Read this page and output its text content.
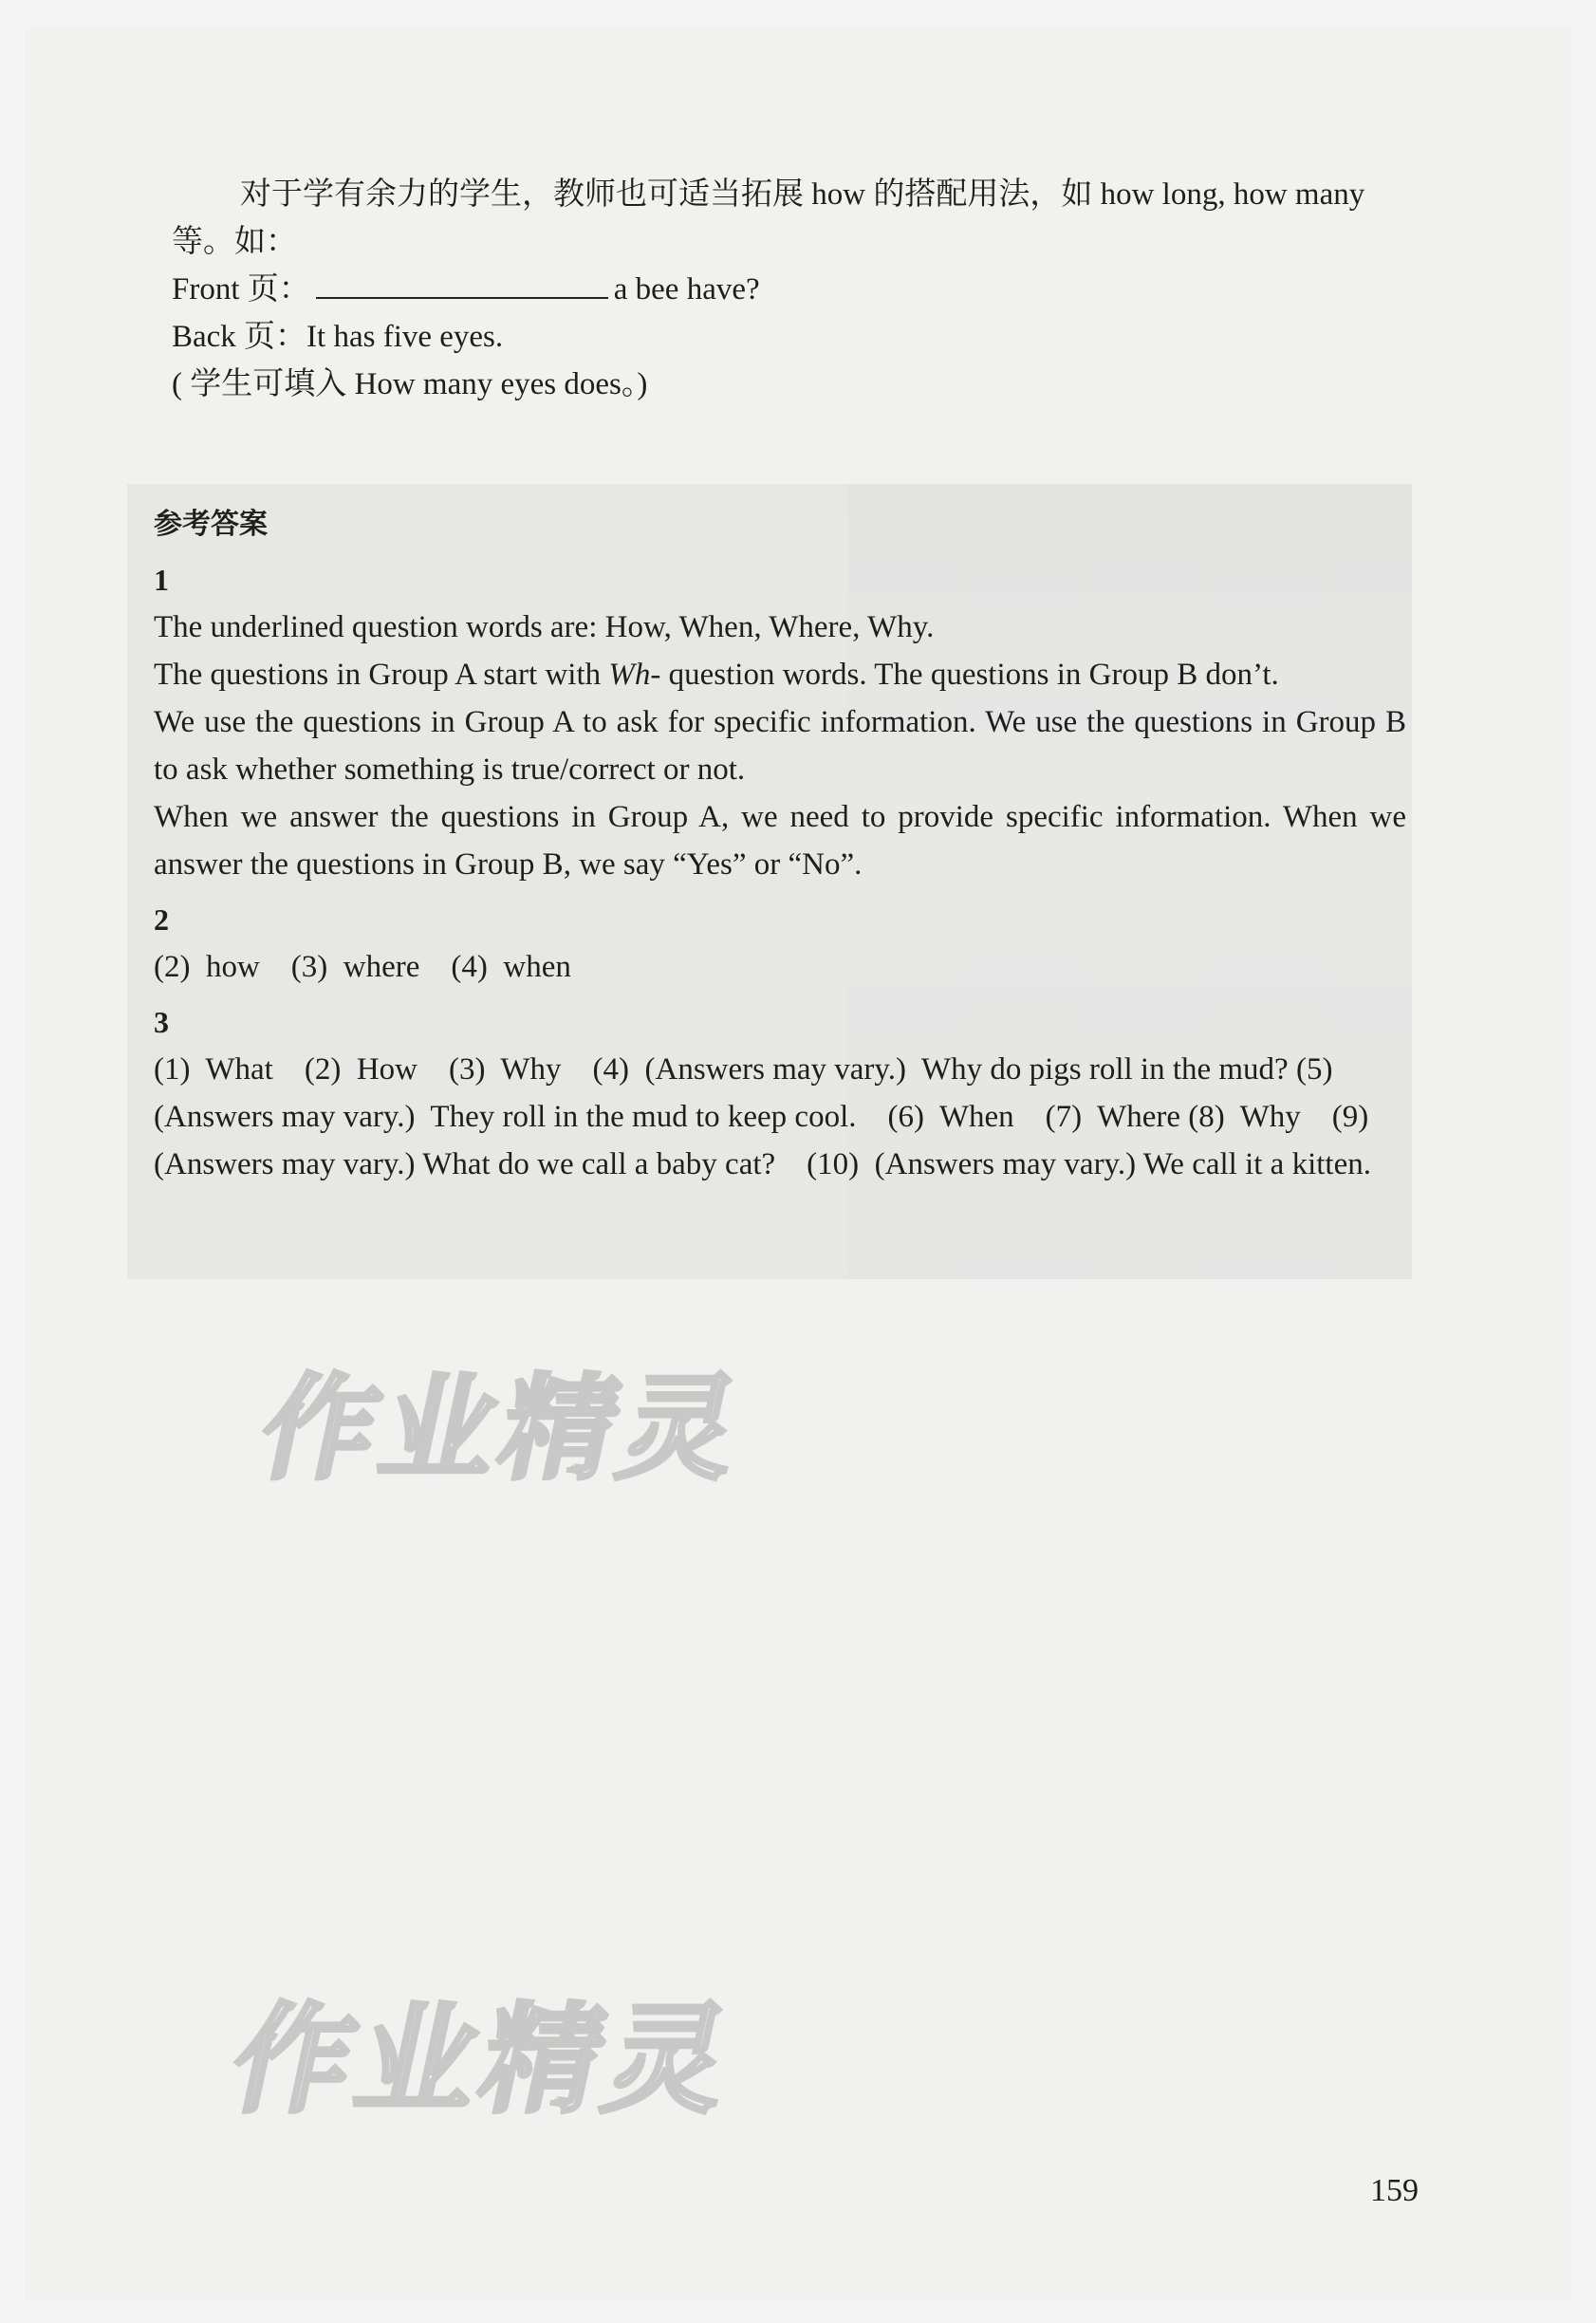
对于学有余力的学生，教师也可适当拓展 how 的搭配用法，如 how long, how many

等。如：

Front 页：	a bee have?

Back 页：It has five eyes.

( 学生可填入 How many eyes does。)

参考答案
1

The underlined question words are: How, When, Where, Why.

The questions in Group A start with Wh- question words. The questions in Group B don’t.

We use the questions in Group A to ask for specific information. We use the questions in Group B to ask whether something is true/correct or not.

When we answer the questions in Group A, we need to provide specific information. When we answer the questions in Group B, we say “Yes” or “No”.

2

(2)  how    (3)  where    (4)  when

3

(1)  What    (2)  How    (3)  Why    (4)  (Answers may vary.)  Why do pigs roll in the mud? (5)  (Answers may vary.)  They roll in the mud to keep cool.    (6)  When    (7)  Where (8)  Why    (9)  (Answers may vary.) What do we call a baby cat?    (10)  (Answers may vary.) We call it a kitten.

作业精灵
作业精灵
159
